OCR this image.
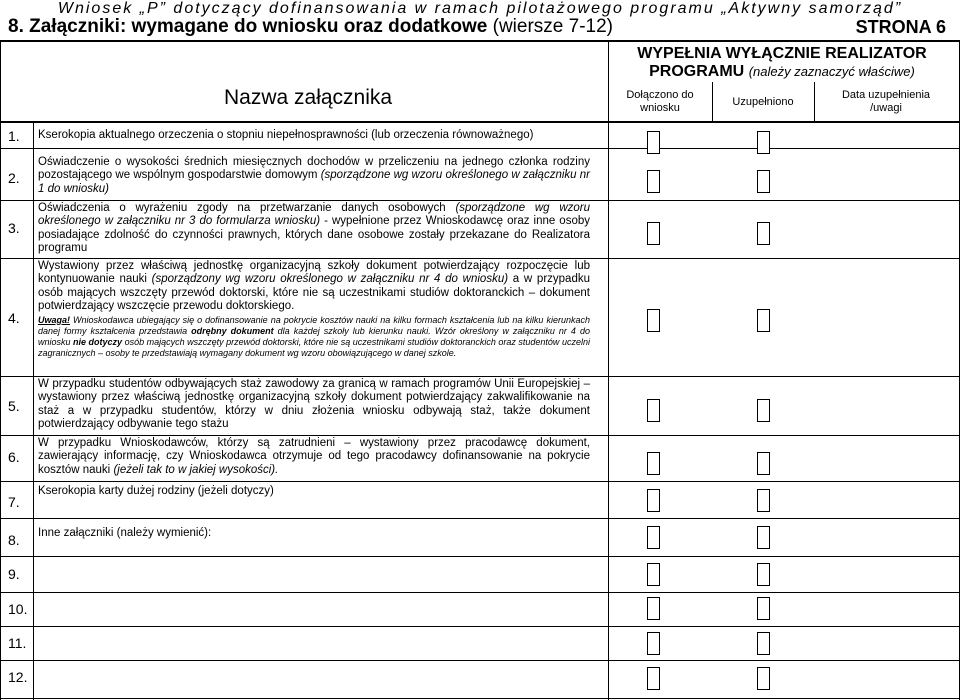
Wniosek „P” dotyczący dofinansowania w ramach pilotażowego programu „Aktywny samorząd”
8. Załączniki: wymagane do wniosku oraz dodatkowe (wiersze 7-12)	STRONA 6
Nazwa załącznika
WYPEŁNIA WYŁĄCZNIE REALIZATOR PROGRAMU (należy zaznaczyć właściwe)
Dołączono do wniosku	Uzupełniono
Data uzupełnienia /uwagi
1. Kserokopia aktualnego orzeczenia o stopniu niepełnosprawności (lub orzeczenia równoważnego)
2.
Oświadczenie o wysokości średnich miesięcznych dochodów w przeliczeniu na jednego członka rodziny pozostającego we wspólnym gospodarstwie domowym (sporządzone wg wzoru określonego w załączniku nr 1 do wniosku)
3.
Oświadczenia o wyrażeniu zgody na przetwarzanie danych osobowych (sporządzone wg wzoru określonego w załączniku nr 3 do formularza wniosku) - wypełnione przez Wnioskodawcę oraz inne osoby posiadające zdolność do czynności prawnych, których dane osobowe zostały przekazane do Realizatora programu
4.
Wystawiony przez właściwą jednostkę organizacyjną szkoły dokument potwierdzający rozpoczęcie lub kontynuowanie nauki (sporządzony wg wzoru określonego w załączniku nr 4 do wniosku) a w przypadku osób mających wszczęty przewód doktorski, które nie są uczestnikami studiów doktoranckich – dokument potwierdzający wszczęcie przewodu doktorskiego.
Uwaga! Wnioskodawca ubiegający się o dofinansowanie na pokrycie kosztów nauki na kilku formach kształcenia lub na kilku kierunkach danej formy kształcenia przedstawia odrębny dokument dla każdej szkoły lub kierunku nauki. Wzór określony w załączniku nr 4 do wniosku nie dotyczy osób mających wszczęty przewód doktorski, które nie są uczestnikami studiów doktoranckich oraz studentów uczelni zagranicznych – osoby te przedstawiają wymagany dokument wg wzoru obowiązującego w danej szkole.
5.
W przypadku studentów odbywających staż zawodowy za granicą w ramach programów Unii Europejskiej – wystawiony przez właściwą jednostkę organizacyjną szkoły dokument potwierdzający zakwalifikowanie na staż a w przypadku studentów, którzy w dniu złożenia wniosku odbywają staż, także dokument potwierdzający odbywanie tego stażu
6.
W przypadku Wnioskodawców, którzy są zatrudnieni – wystawiony przez pracodawcę dokument, zawierający informację, czy Wnioskodawca otrzymuje od tego pracodawcy dofinansowanie na pokrycie kosztów nauki (jeżeli tak to w jakiej wysokości).
7.
Kserokopia karty dużej rodziny (jeżeli dotyczy)
8. Inne załączniki (należy wymienić):
9.
10.
11.
12.
